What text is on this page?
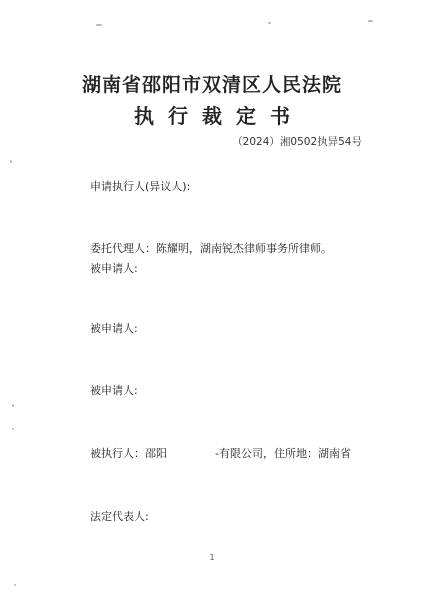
湖南省邵阳市双清区人民法院
执行裁定书
（2024）湘0502执异54号
申请执行人(异议人):
委托代理人：陈耀明，湖南锐杰律师事务所律师。
被申请人:
被申请人:
被申请人:
被执行人：邵阳	-有限公司，住所地：湖南省
法定代表人:
1
